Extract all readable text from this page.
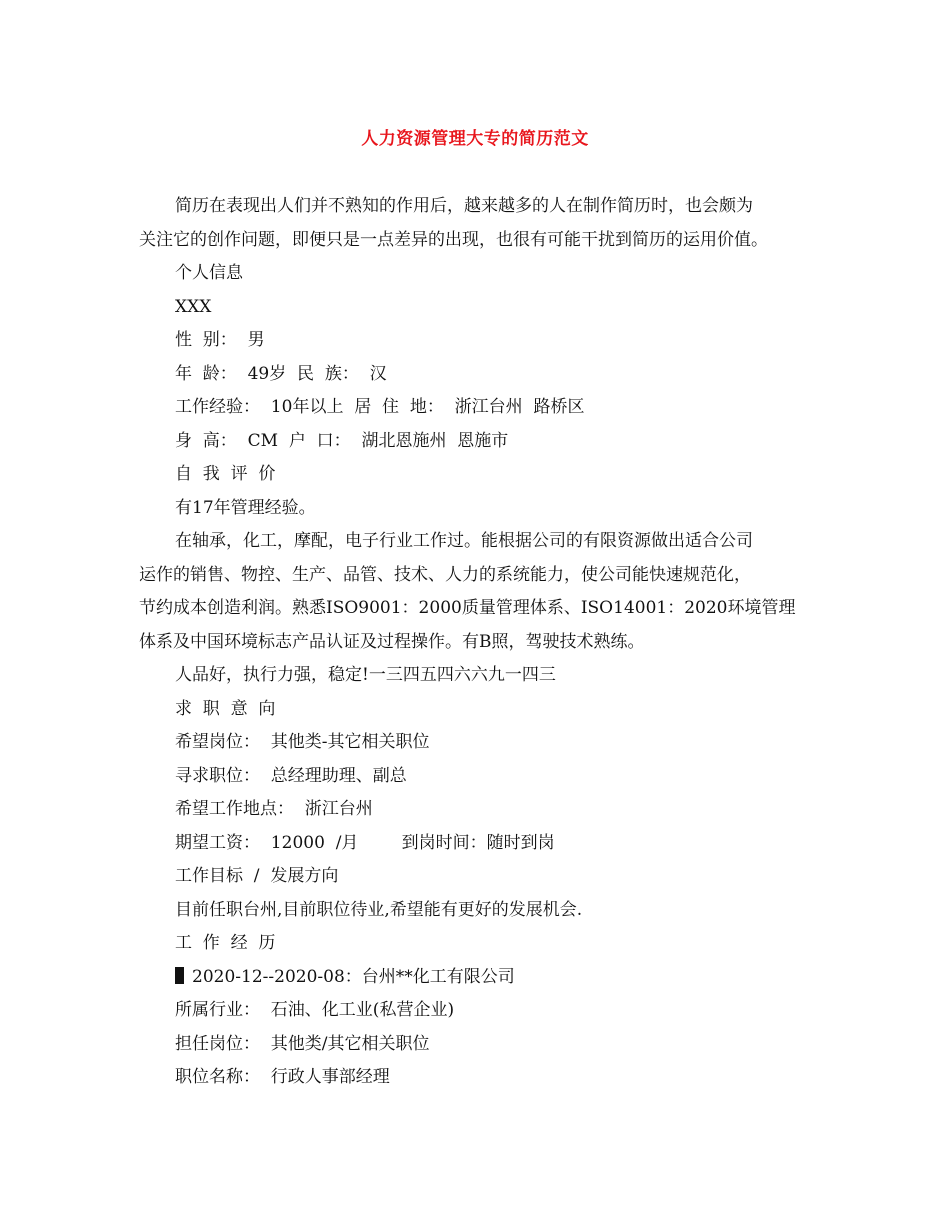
人力资源管理大专的简历范文

简历在表现出人们并不熟知的作用后，越来越多的人在制作简历时，也会颇为

关注它的创作问题，即便只是一点差异的出现，也很有可能干扰到简历的运用价值。

个人信息

XXX

性  别：  男

年  龄：  49岁  民  族：  汉

工作经验：  10年以上  居  住  地：  浙江台州  路桥区

身  高：  CM  户  口：  湖北恩施州  恩施市

自  我  评  价

有17年管理经验。

在轴承，化工，摩配，电子行业工作过。能根据公司的有限资源做出适合公司

运作的销售、物控、生产、品管、技术、人力的系统能力，使公司能快速规范化，

节约成本创造利润。熟悉ISO9001：2000质量管理体系、ISO14001：2020环境管理

体系及中国环境标志产品认证及过程操作。有B照，驾驶技术熟练。

人品好，执行力强，稳定!一三四五四六六九一四三

求  职  意  向

希望岗位：  其他类-其它相关职位

寻求职位：  总经理助理、副总

希望工作地点：  浙江台州

期望工资：  12000  /月        到岗时间：随时到岗

工作目标  /  发展方向

目前任职台州,目前职位待业,希望能有更好的发展机会.

工  作  经  历

2020-12--2020-08：台州**化工有限公司

所属行业：  石油、化工业(私营企业)

担任岗位：  其他类/其它相关职位

职位名称：  行政人事部经理
